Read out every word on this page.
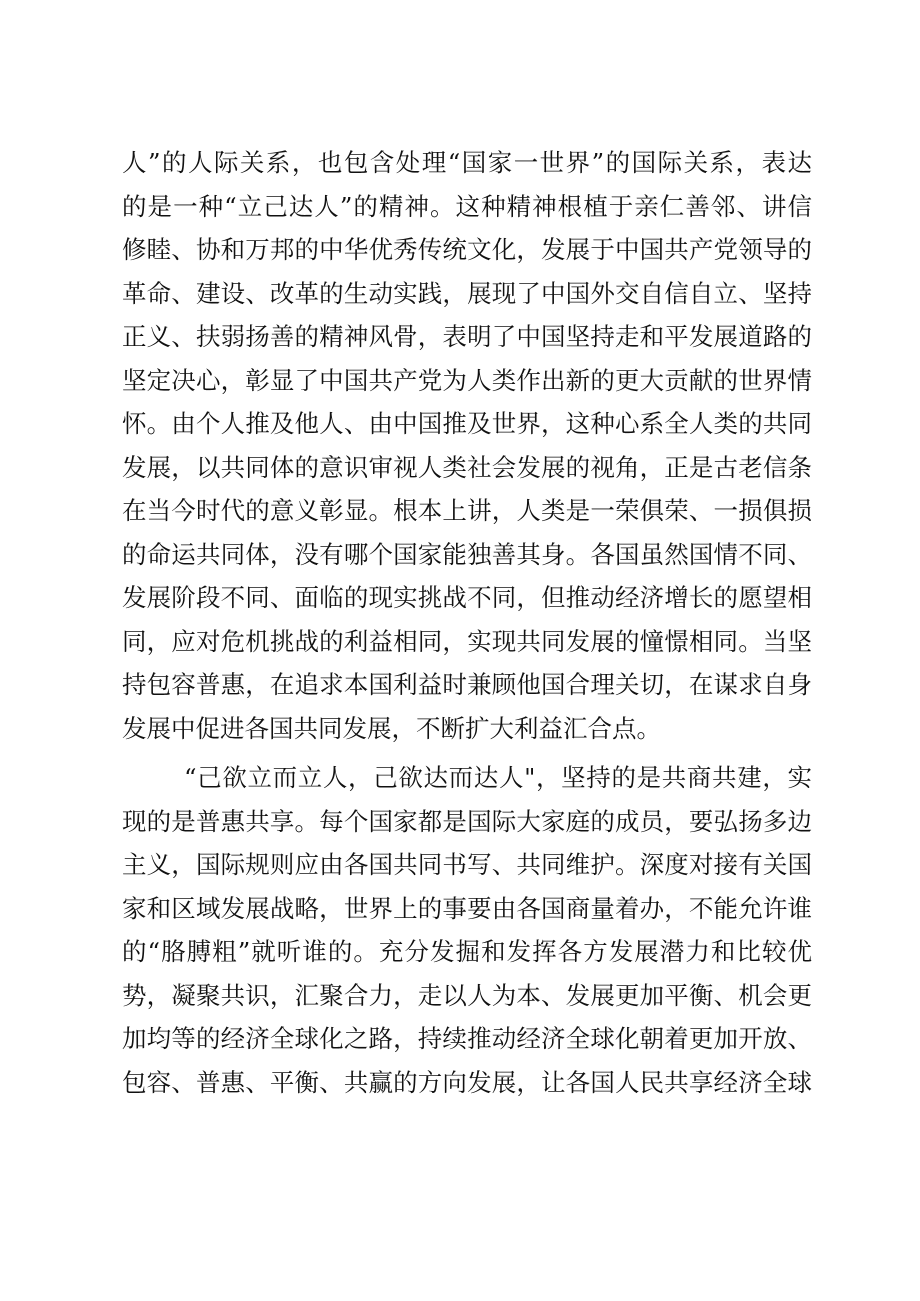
人”的人际关系，也包含处理“国家一世界”的国际关系，表达
的是一种“立己达人”的精神。这种精神根植于亲仁善邻、讲信
修睦、协和万邦的中华优秀传统文化，发展于中国共产党领导的
革命、建设、改革的生动实践，展现了中国外交自信自立、坚持
正义、扶弱扬善的精神风骨，表明了中国坚持走和平发展道路的
坚定决心，彰显了中国共产党为人类作出新的更大贡献的世界情
怀。由个人推及他人、由中国推及世界，这种心系全人类的共同
发展，以共同体的意识审视人类社会发展的视角，正是古老信条
在当今时代的意义彰显。根本上讲，人类是一荣俱荣、一损俱损
的命运共同体，没有哪个国家能独善其身。各国虽然国情不同、
发展阶段不同、面临的现实挑战不同，但推动经济增长的愿望相
同，应对危机挑战的利益相同，实现共同发展的憧憬相同。当坚
持包容普惠，在追求本国利益时兼顾他国合理关切，在谋求自身
发展中促进各国共同发展，不断扩大利益汇合点。
“己欲立而立人，己欲达而达人"，坚持的是共商共建，实
现的是普惠共享。每个国家都是国际大家庭的成员，要弘扬多边
主义，国际规则应由各国共同书写、共同维护。深度对接有关国
家和区域发展战略，世界上的事要由各国商量着办，不能允许谁
的“胳膊粗”就听谁的。充分发掘和发挥各方发展潜力和比较优
势，凝聚共识，汇聚合力，走以人为本、发展更加平衡、机会更
加均等的经济全球化之路，持续推动经济全球化朝着更加开放、
包容、普惠、平衡、共赢的方向发展，让各国人民共享经济全球
